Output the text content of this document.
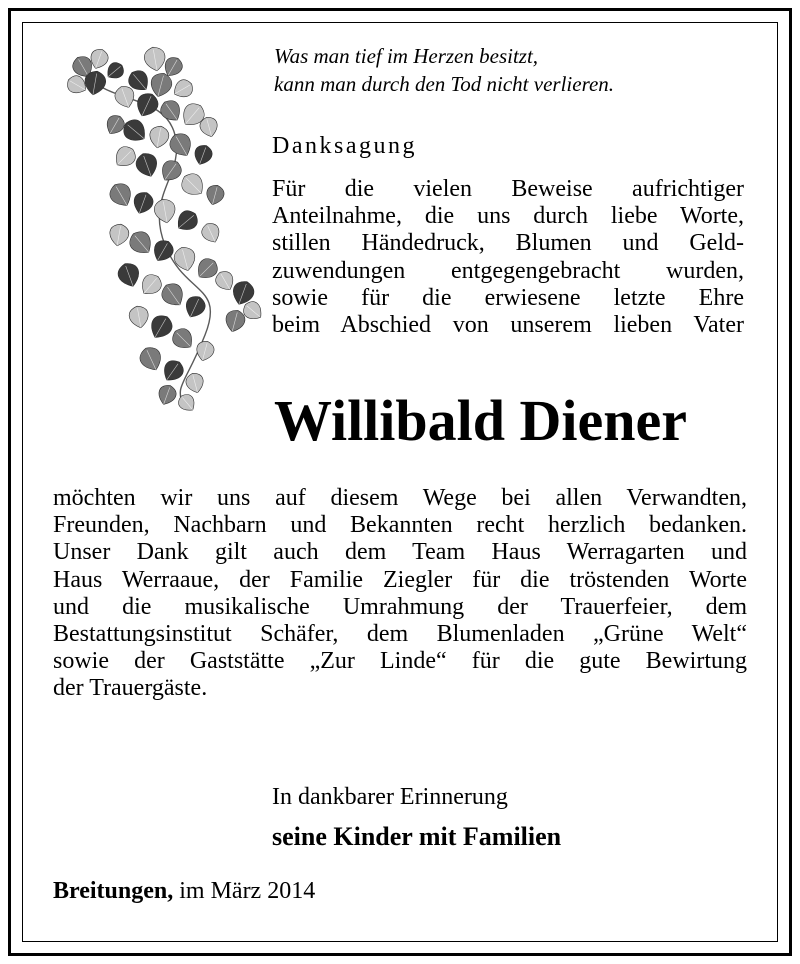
Was man tief im Herzen besitzt,
kann man durch den Tod nicht verlieren.
Danksagung
Für die vielen Beweise aufrichtiger
Anteilnahme, die uns durch liebe Worte,
stillen Händedruck, Blumen und Geld-
zuwendungen entgegengebracht wurden,
sowie für die erwiesene letzte Ehre
beim Abschied von unserem lieben Vater
Willibald Diener
möchten wir uns auf diesem Wege bei allen Verwandten,
Freunden, Nachbarn und Bekannten recht herzlich bedanken.
Unser Dank gilt auch dem Team Haus Werragarten und
Haus Werraaue, der Familie Ziegler für die tröstenden Worte
und die musikalische Umrahmung der Trauerfeier, dem
Bestattungsinstitut Schäfer, dem Blumenladen „Grüne Welt“
sowie der Gaststätte „Zur Linde“ für die gute Bewirtung
der Trauergäste.
In dankbarer Erinnerung
seine Kinder mit Familien
Breitungen, im März 2014
